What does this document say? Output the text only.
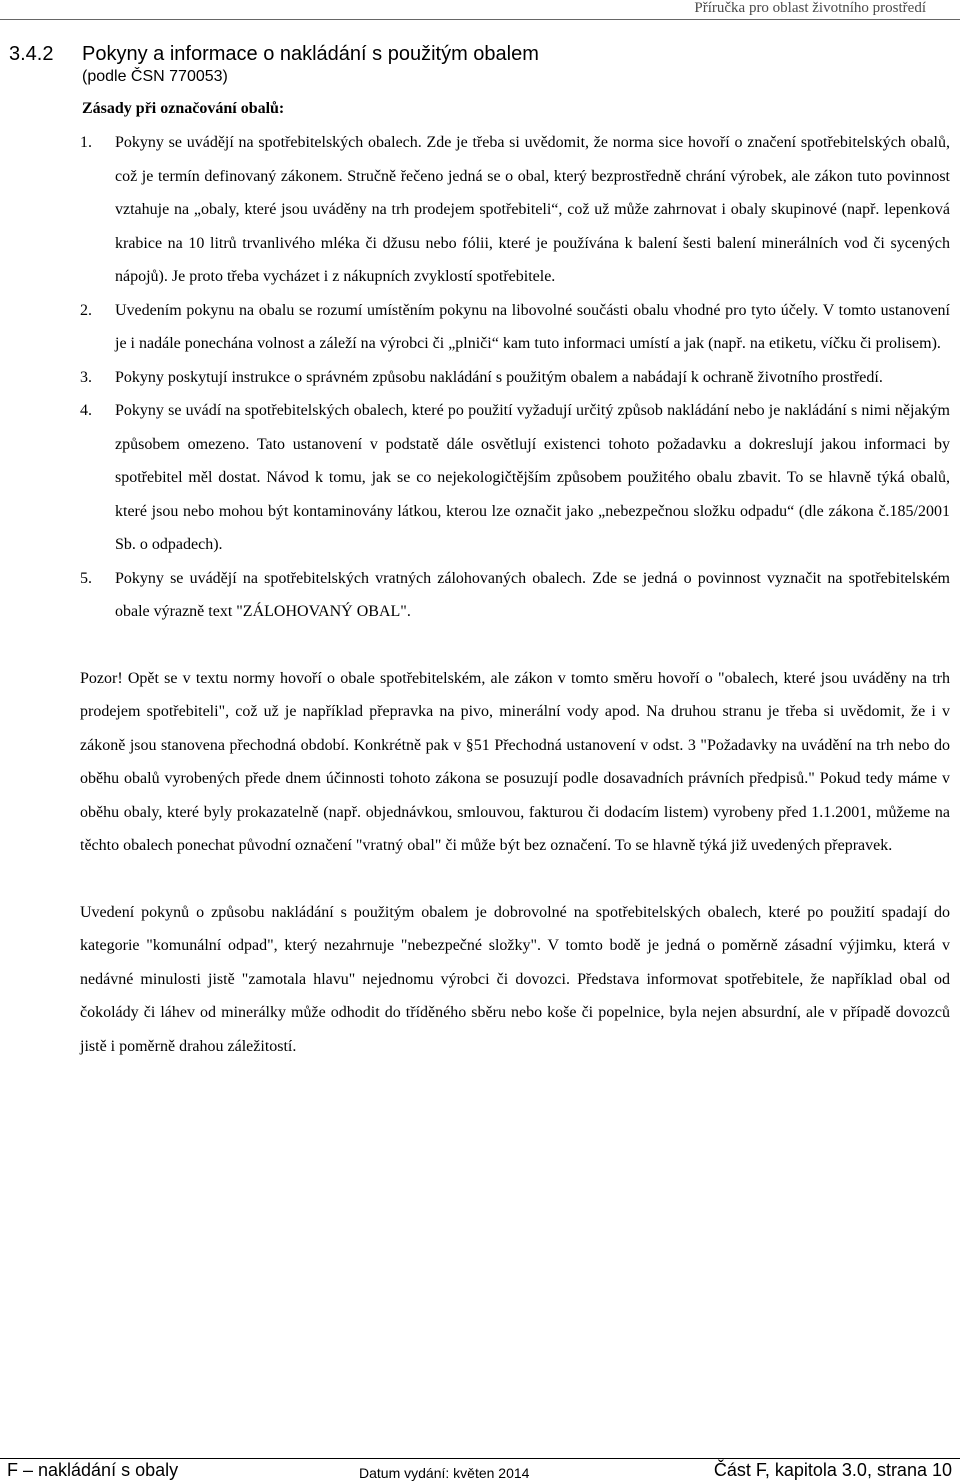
Příručka pro oblast životního prostředí
3.4.2 Pokyny a informace o nakládání s použitým obalem
(podle ČSN 770053)
Zásady při označování obalů:
1. Pokyny se uvádějí na spotřebitelských obalech. Zde je třeba si uvědomit, že norma sice hovoří o značení spotřebitelských obalů, což je termín definovaný zákonem. Stručně řečeno jedná se o obal, který bezprostředně chrání výrobek, ale zákon tuto povinnost vztahuje na „obaly, které jsou uváděny na trh prodejem spotřebiteli“, což už může zahrnovat i obaly skupinové (např. lepenková krabice na 10 litrů trvanlivého mléka či džusu nebo fólii, které je používána k balení šesti balení minerálních vod či sycených nápojů). Je proto třeba vycházet i z nákupních zvyklostí spotřebitele.
2. Uvedením pokynu na obalu se rozumí umístěním pokynu na libovolné součásti obalu vhodné pro tyto účely. V tomto ustanovení je i nadále ponechána volnost a záleží na výrobci či „plniči“ kam tuto informaci umístí a jak (např. na etiketu, víčku či prolisem).
3. Pokyny poskytují instrukce o správném způsobu nakládání s použitým obalem a nabádají k ochraně životního prostředí.
4. Pokyny se uvádí na spotřebitelských obalech, které po použití vyžadují určitý způsob nakládání nebo je nakládání s nimi nějakým způsobem omezeno. Tato ustanovení v podstatě dále osvětlují existenci tohoto požadavku a dokreslují jakou informaci by spotřebitel měl dostat. Návod k tomu, jak se co nejekologičtějším způsobem použitého obalu zbavit. To se hlavně týká obalů, které jsou nebo mohou být kontaminovány látkou, kterou lze označit jako „nebezpečnou složku odpadu“ (dle zákona č.185/2001 Sb. o odpadech).
5. Pokyny se uvádějí na spotřebitelských vratných zálohovaných obalech. Zde se jedná o povinnost vyznačit na spotřebitelském obale výrazně text "ZÁLOHOVANÝ OBAL".

Pozor! Opět se v textu normy hovoří o obale spotřebitelském, ale zákon v tomto směru hovoří o "obalech, které jsou uváděny na trh prodejem spotřebiteli", což už je například přepravka na pivo, minerální vody apod. Na druhou stranu je třeba si uvědomit, že i v zákoně jsou stanovena přechodná období. Konkrétně pak v §51 Přechodná ustanovení v odst. 3 "Požadavky na uvádění na trh nebo do oběhu obalů vyrobených přede dnem účinnosti tohoto zákona se posuzují podle dosavadních právních předpisů." Pokud tedy máme v oběhu obaly, které byly prokazatelně (např. objednávkou, smlouvou, fakturou či dodacím listem) vyrobeny před 1.1.2001, můžeme na těchto obalech ponechat původní označení "vratný obal" či může být bez označení. To se hlavně týká již uvedených přepravek.

Uvedení pokynů o způsobu nakládání s použitým obalem je dobrovolné na spotřebitelských obalech, které po použití spadají do kategorie "komunální odpad", který nezahrnuje "nebezpečné složky". V tomto bodě je jedná o poměrně zásadní výjimku, která v nedávné minulosti jistě "zamotala hlavu" nejednomu výrobci či dovozci. Představa informovat spotřebitele, že například obal od čokolády či láhev od minerálky může odhodit do tříděného sběru nebo koše či popelnice, byla nejen absurdní, ale v případě dovozců jistě i poměrně drahou záležitostí.

F – nakládání s obaly	Datum vydání: květen 2014	Část F, kapitola 3.0, strana 10
